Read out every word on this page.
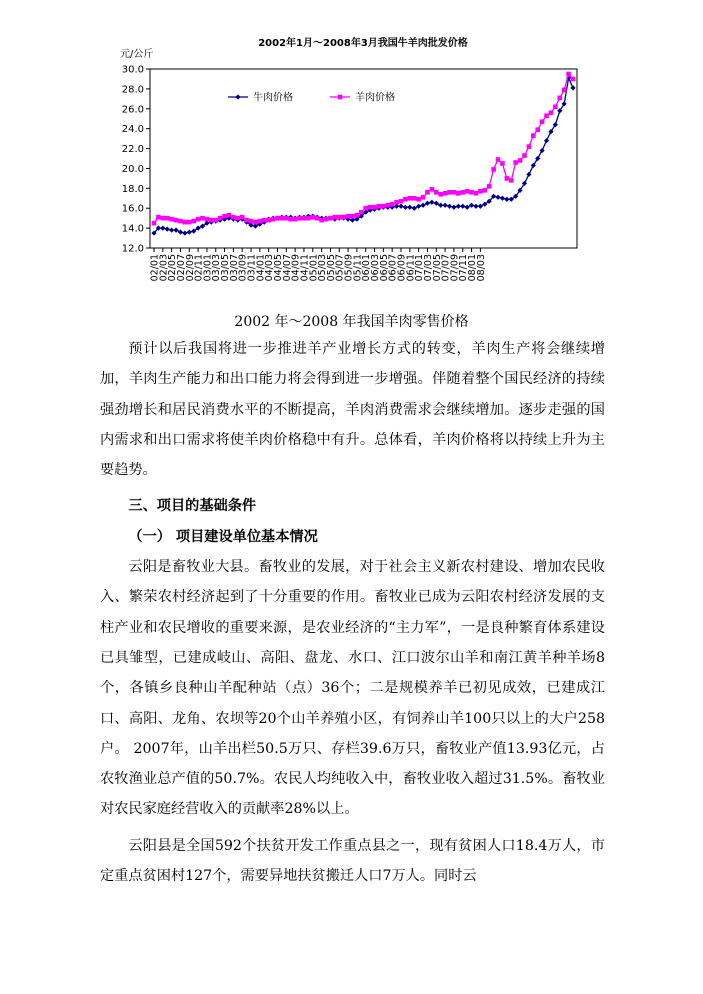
2002年1月～2008年3月我国牛羊肉批发价格
元/公斤
12.0
14.0
16.0
18.0
20.0
22.0
24.0
26.0
28.0
30.0
02/01
02/03
02/05
02/07
02/09
02/11
03/01
03/03
03/05
03/07
03/09
03/11
04/01
04/03
04/05
04/07
04/09
04/11
05/01
05/03
05/05
05/07
05/09
05/11
06/01
06/03
06/05
06/07
06/09
06/11
07/01
07/03
07/05
07/07
07/09
07/11
08/01
08/03
牛肉价格	羊肉价格
2002 年～2008 年我国羊肉零售价格

预计以后我国将进一步推进羊产业增长方式的转变，羊肉生产将会继续增加，羊肉生产能力和出口能力将会得到进一步增强。伴随着整个国民经济的持续强劲增长和居民消费水平的不断提高，羊肉消费需求会继续增加。逐步走强的国内需求和出口需求将使羊肉价格稳中有升。总体看，羊肉价格将以持续上升为主要趋势。

三、项目的基础条件
（一） 项目建设单位基本情况

云阳是畜牧业大县。畜牧业的发展，对于社会主义新农村建设、增加农民收入、繁荣农村经济起到了十分重要的作用。畜牧业已成为云阳农村经济发展的支柱产业和农民增收的重要来源，是农业经济的“主力军”，一是良种繁育体系建设已具雏型，已建成岐山、高阳、盘龙、水口、江口波尔山羊和南江黄羊种羊场8个，各镇乡良种山羊配种站（点）36个；二是规模养羊已初见成效，已建成江口、高阳、龙角、农坝等20个山羊养殖小区，有饲养山羊100只以上的大户258户。 2007年，山羊出栏50.5万只、存栏39.6万只，畜牧业产值13.93亿元，占农牧渔业总产值的50.7%。农民人均纯收入中，畜牧业收入超过31.5%。畜牧业对农民家庭经营收入的贡献率28%以上。

云阳县是全国592个扶贫开发工作重点县之一，现有贫困人口18.4万人，市定重点贫困村127个，需要异地扶贫搬迁人口7万人。同时云
